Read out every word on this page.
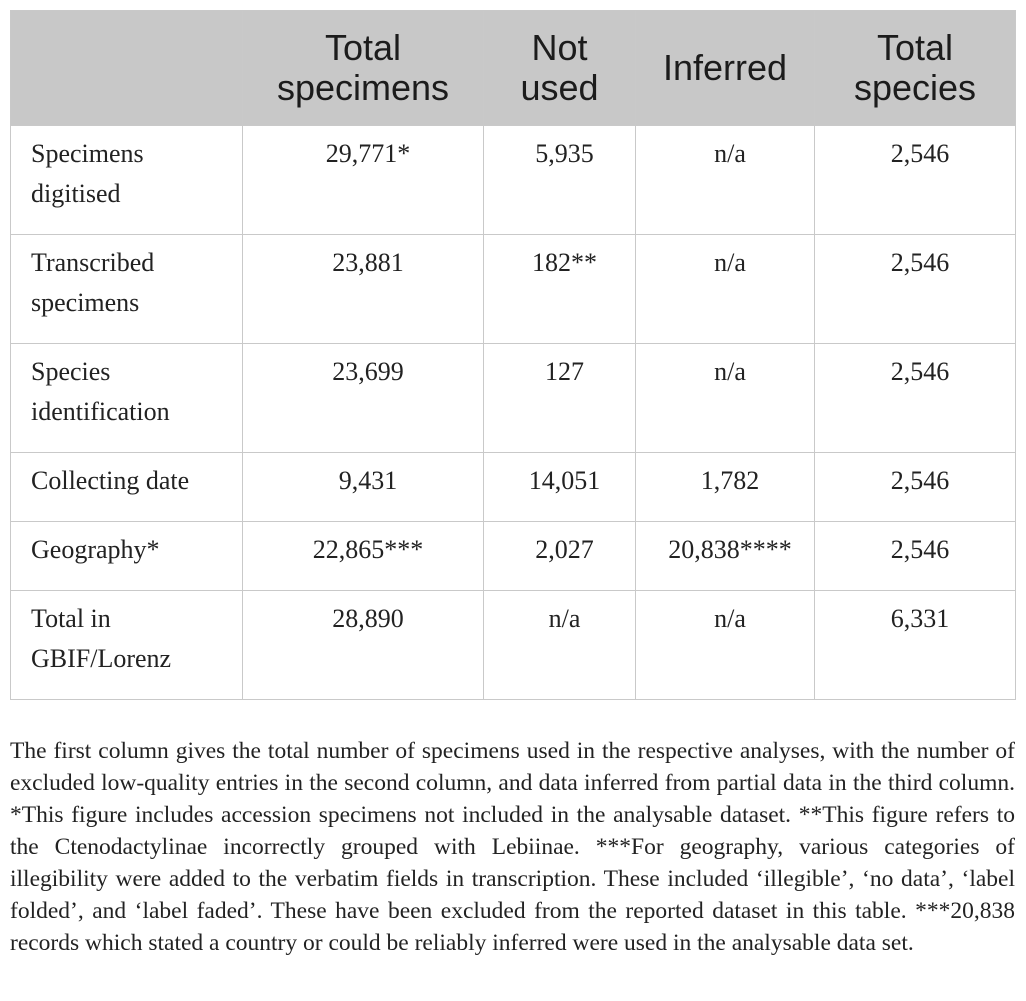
	Total specimens	Not used	Inferred	Total species
Specimens digitised	29,771*	5,935	n/a	2,546
Transcribed specimens	23,881	182**	n/a	2,546
Species identification	23,699	127	n/a	2,546
Collecting date	9,431	14,051	1,782	2,546
Geography*	22,865***	2,027	20,838****	2,546
Total in GBIF/Lorenz	28,890	n/a	n/a	6,331

The first column gives the total number of specimens used in the respective analyses, with the number of excluded low-quality entries in the second column, and data inferred from partial data in the third column. *This figure includes accession specimens not included in the analysable dataset. **This figure refers to the Ctenodactylinae incorrectly grouped with Lebiinae. ***For geography, various categories of illegibility were added to the verbatim fields in transcription. These included ‘illegible’, ‘no data’, ‘label folded’, and ‘label faded’. These have been excluded from the reported dataset in this table. ***20,838 records which stated a country or could be reliably inferred were used in the analysable data set.
